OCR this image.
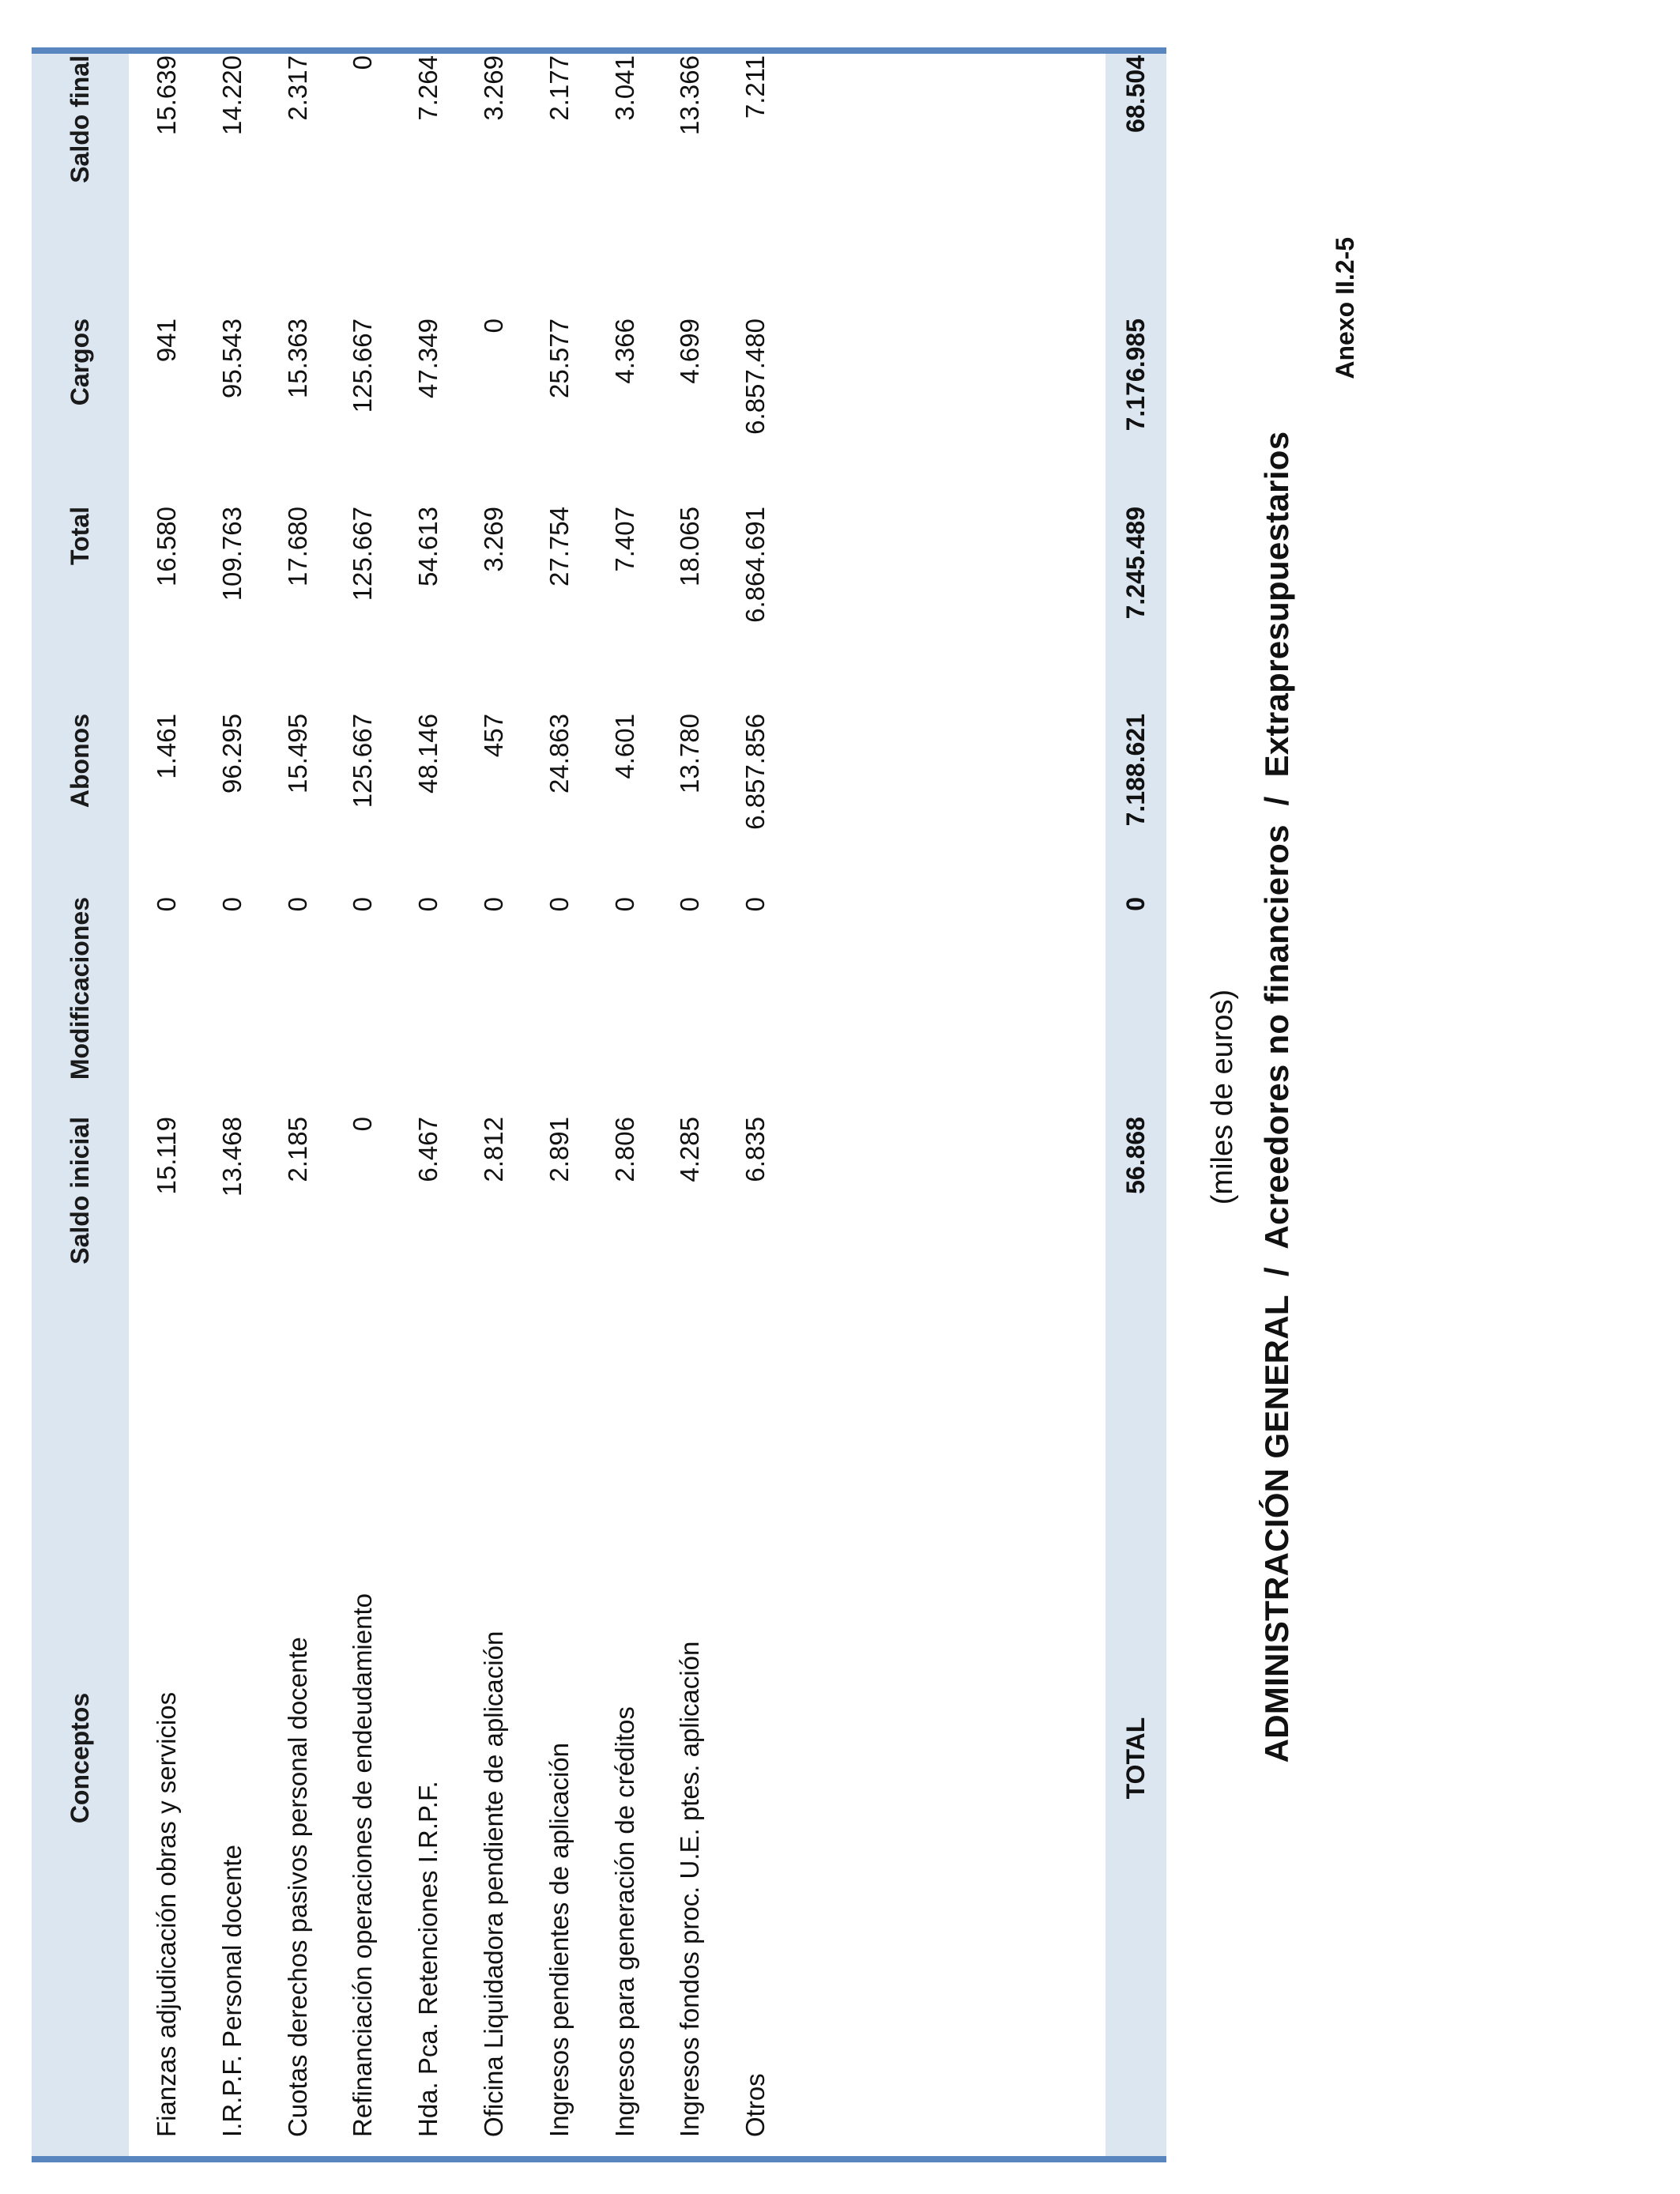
Anexo II.2-5
ADMINISTRACIÓN GENERAL  /  Acreedores no financieros  /  Extrapresupuestarios
(miles de euros)
Conceptos
Saldo inicial
Modificaciones
Abonos
Total
Cargos
Saldo final
Fianzas adjudicación obras y servicios
15.119
0
1.461
16.580
941
15.639
I.R.P.F. Personal docente
13.468
0
96.295
109.763
95.543
14.220
Cuotas derechos pasivos personal docente
2.185
0
15.495
17.680
15.363
2.317
Refinanciación operaciones de endeudamiento
0
0
125.667
125.667
125.667
0
Hda. Pca. Retenciones I.R.P.F.
6.467
0
48.146
54.613
47.349
7.264
Oficina Liquidadora pendiente de aplicación
2.812
0
457
3.269
0
3.269
Ingresos pendientes de aplicación
2.891
0
24.863
27.754
25.577
2.177
Ingresos para generación de créditos
2.806
0
4.601
7.407
4.366
3.041
Ingresos fondos proc. U.E. ptes. aplicación
4.285
0
13.780
18.065
4.699
13.366
Otros
6.835
0
6.857.856
6.864.691
6.857.480
7.211
TOTAL
56.868
0
7.188.621
7.245.489
7.176.985
68.504
